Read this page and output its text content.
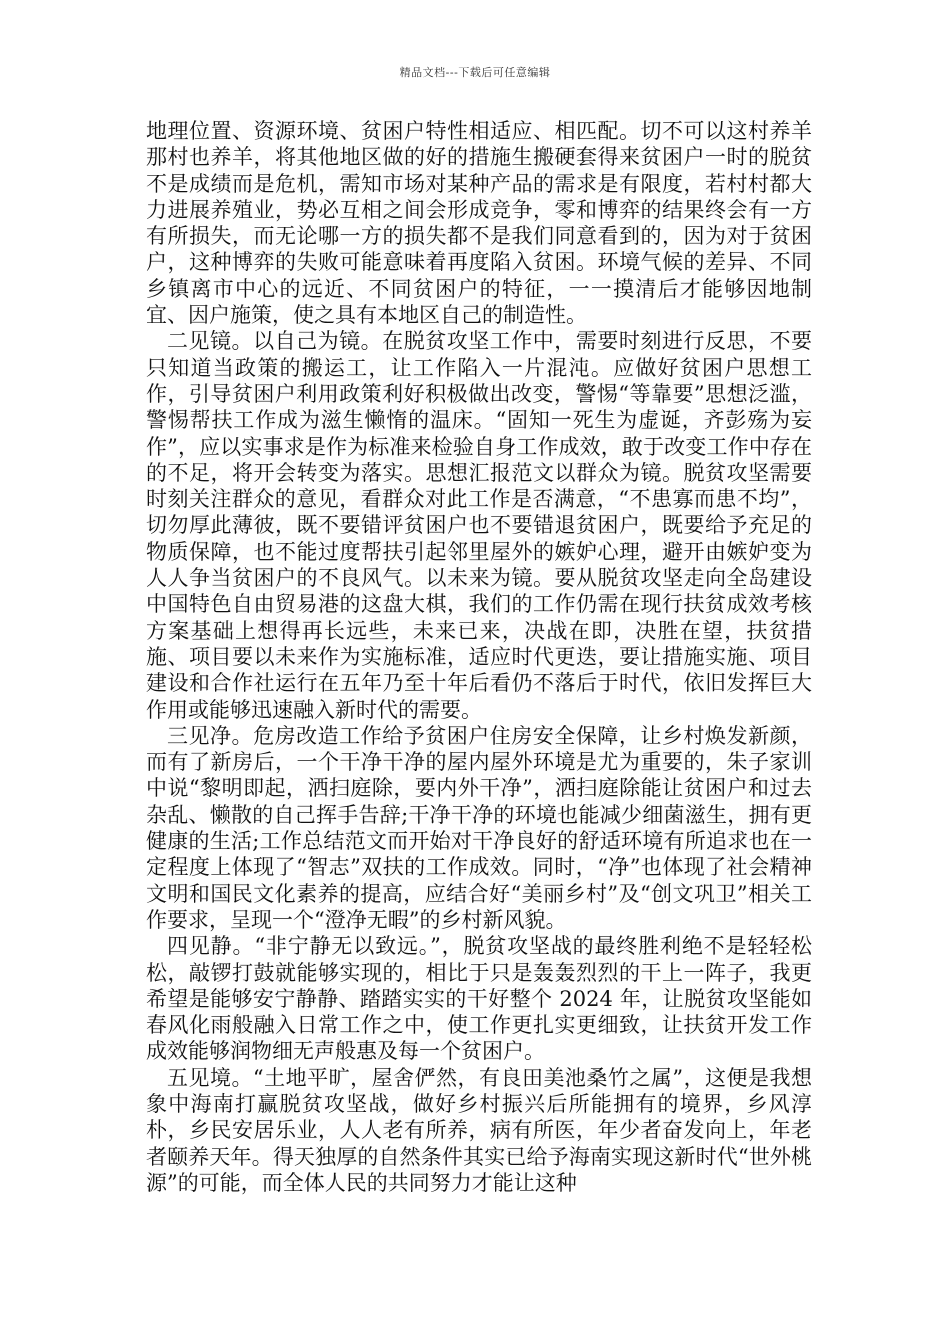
精品文档---下载后可任意编辑

地理位置、资源环境、贫困户特性相适应、相匹配。切不可以这村养羊那村也养羊，将其他地区做的好的措施生搬硬套得来贫困户一时的脱贫不是成绩而是危机，需知市场对某种产品的需求是有限度，若村村都大力进展养殖业，势必互相之间会形成竞争，零和博弈的结果终会有一方有所损失，而无论哪一方的损失都不是我们同意看到的，因为对于贫困户，这种博弈的失败可能意味着再度陷入贫困。环境气候的差异、不同乡镇离市中心的远近、不同贫困户的特征，一一摸清后才能够因地制宜、因户施策，使之具有本地区自己的制造性。

二见镜。以自己为镜。在脱贫攻坚工作中，需要时刻进行反思，不要只知道当政策的搬运工，让工作陷入一片混沌。应做好贫困户思想工作，引导贫困户利用政策利好积极做出改变，警惕“等靠要”思想泛滥，警惕帮扶工作成为滋生懒惰的温床。“固知一死生为虚诞，齐彭殇为妄作”，应以实事求是作为标准来检验自身工作成效，敢于改变工作中存在的不足，将开会转变为落实。思想汇报范文以群众为镜。脱贫攻坚需要时刻关注群众的意见，看群众对此工作是否满意，“不患寡而患不均”，切勿厚此薄彼，既不要错评贫困户也不要错退贫困户，既要给予充足的物质保障，也不能过度帮扶引起邻里屋外的嫉妒心理，避开由嫉妒变为人人争当贫困户的不良风气。以未来为镜。要从脱贫攻坚走向全岛建设中国特色自由贸易港的这盘大棋，我们的工作仍需在现行扶贫成效考核方案基础上想得再长远些，未来已来，决战在即，决胜在望，扶贫措施、项目要以未来作为实施标准，适应时代更迭，要让措施实施、项目建设和合作社运行在五年乃至十年后看仍不落后于时代，依旧发挥巨大作用或能够迅速融入新时代的需要。

三见净。危房改造工作给予贫困户住房安全保障，让乡村焕发新颜，而有了新房后，一个干净干净的屋内屋外环境是尤为重要的，朱子家训中说“黎明即起，洒扫庭除，要内外干净”，洒扫庭除能让贫困户和过去杂乱、懒散的自己挥手告辞;干净干净的环境也能减少细菌滋生，拥有更健康的生活;工作总结范文而开始对干净良好的舒适环境有所追求也在一定程度上体现了“智志”双扶的工作成效。同时，“净”也体现了社会精神文明和国民文化素养的提高，应结合好“美丽乡村”及“创文巩卫”相关工作要求，呈现一个“澄净无暇”的乡村新风貌。

四见静。“非宁静无以致远。”，脱贫攻坚战的最终胜利绝不是轻轻松松，敲锣打鼓就能够实现的，相比于只是轰轰烈烈的干上一阵子，我更希望是能够安宁静静、踏踏实实的干好整个 2024 年，让脱贫攻坚能如春风化雨般融入日常工作之中，使工作更扎实更细致，让扶贫开发工作成效能够润物细无声般惠及每一个贫困户。

五见境。“土地平旷，屋舍俨然，有良田美池桑竹之属”，这便是我想象中海南打赢脱贫攻坚战，做好乡村振兴后所能拥有的境界，乡风淳朴，乡民安居乐业，人人老有所养，病有所医，年少者奋发向上，年老者颐养天年。得天独厚的自然条件其实已给予海南实现这新时代“世外桃源”的可能，而全体人民的共同努力才能让这种
